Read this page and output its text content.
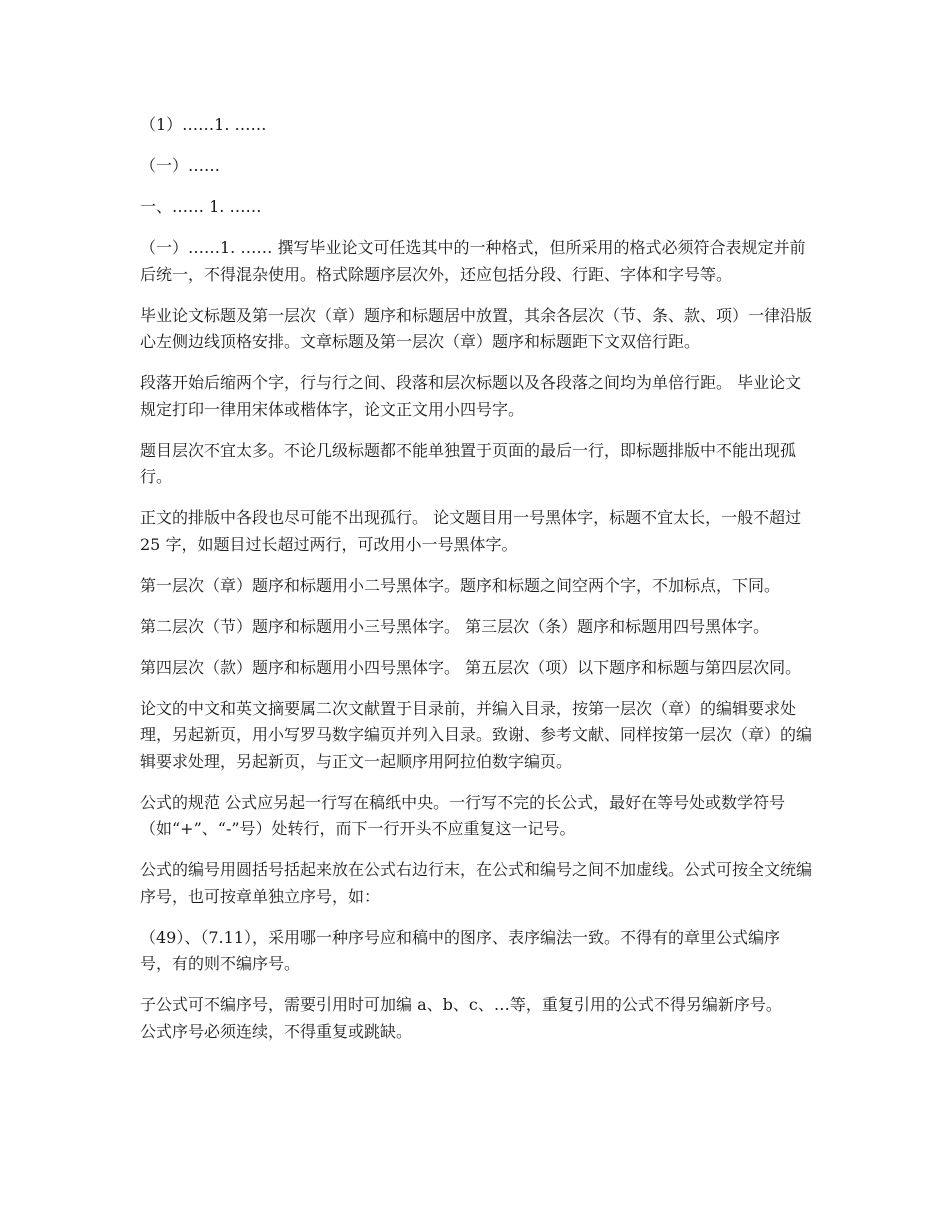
（1）……1. ……

（一）……

一、…… 1. ……

（一）……1. …… 撰写毕业论文可任选其中的一种格式，但所采用的格式必须符合表规定并前后统一，不得混杂使用。格式除题序层次外，还应包括分段、行距、字体和字号等。

毕业论文标题及第一层次（章）题序和标题居中放置，其余各层次（节、条、款、项）一律沿版心左侧边线顶格安排。文章标题及第一层次（章）题序和标题距下文双倍行距。

段落开始后缩两个字，行与行之间、段落和层次标题以及各段落之间均为单倍行距。 毕业论文规定打印一律用宋体或楷体字，论文正文用小四号字。

题目层次不宜太多。不论几级标题都不能单独置于页面的最后一行，即标题排版中不能出现孤行。

正文的排版中各段也尽可能不出现孤行。 论文题目用一号黑体字，标题不宜太长，一般不超过 25 字，如题目过长超过两行，可改用小一号黑体字。

第一层次（章）题序和标题用小二号黑体字。题序和标题之间空两个字，不加标点，下同。

第二层次（节）题序和标题用小三号黑体字。 第三层次（条）题序和标题用四号黑体字。

第四层次（款）题序和标题用小四号黑体字。 第五层次（项）以下题序和标题与第四层次同。

论文的中文和英文摘要属二次文献置于目录前，并编入目录，按第一层次（章）的编辑要求处理，另起新页，用小写罗马数字编页并列入目录。致谢、参考文献、同样按第一层次（章）的编辑要求处理，另起新页，与正文一起顺序用阿拉伯数字编页。

公式的规范 公式应另起一行写在稿纸中央。一行写不完的长公式，最好在等号处或数学符号（如“+”、“-”号）处转行，而下一行开头不应重复这一记号。

公式的编号用圆括号括起来放在公式右边行末，在公式和编号之间不加虚线。公式可按全文统编序号，也可按章单独立序号，如：

（49）、（7.11），采用哪一种序号应和稿中的图序、表序编法一致。不得有的章里公式编序号，有的则不编序号。

子公式可不编序号，需要引用时可加编 a、b、c、…等，重复引用的公式不得另编新序号。公式序号必须连续，不得重复或跳缺。
